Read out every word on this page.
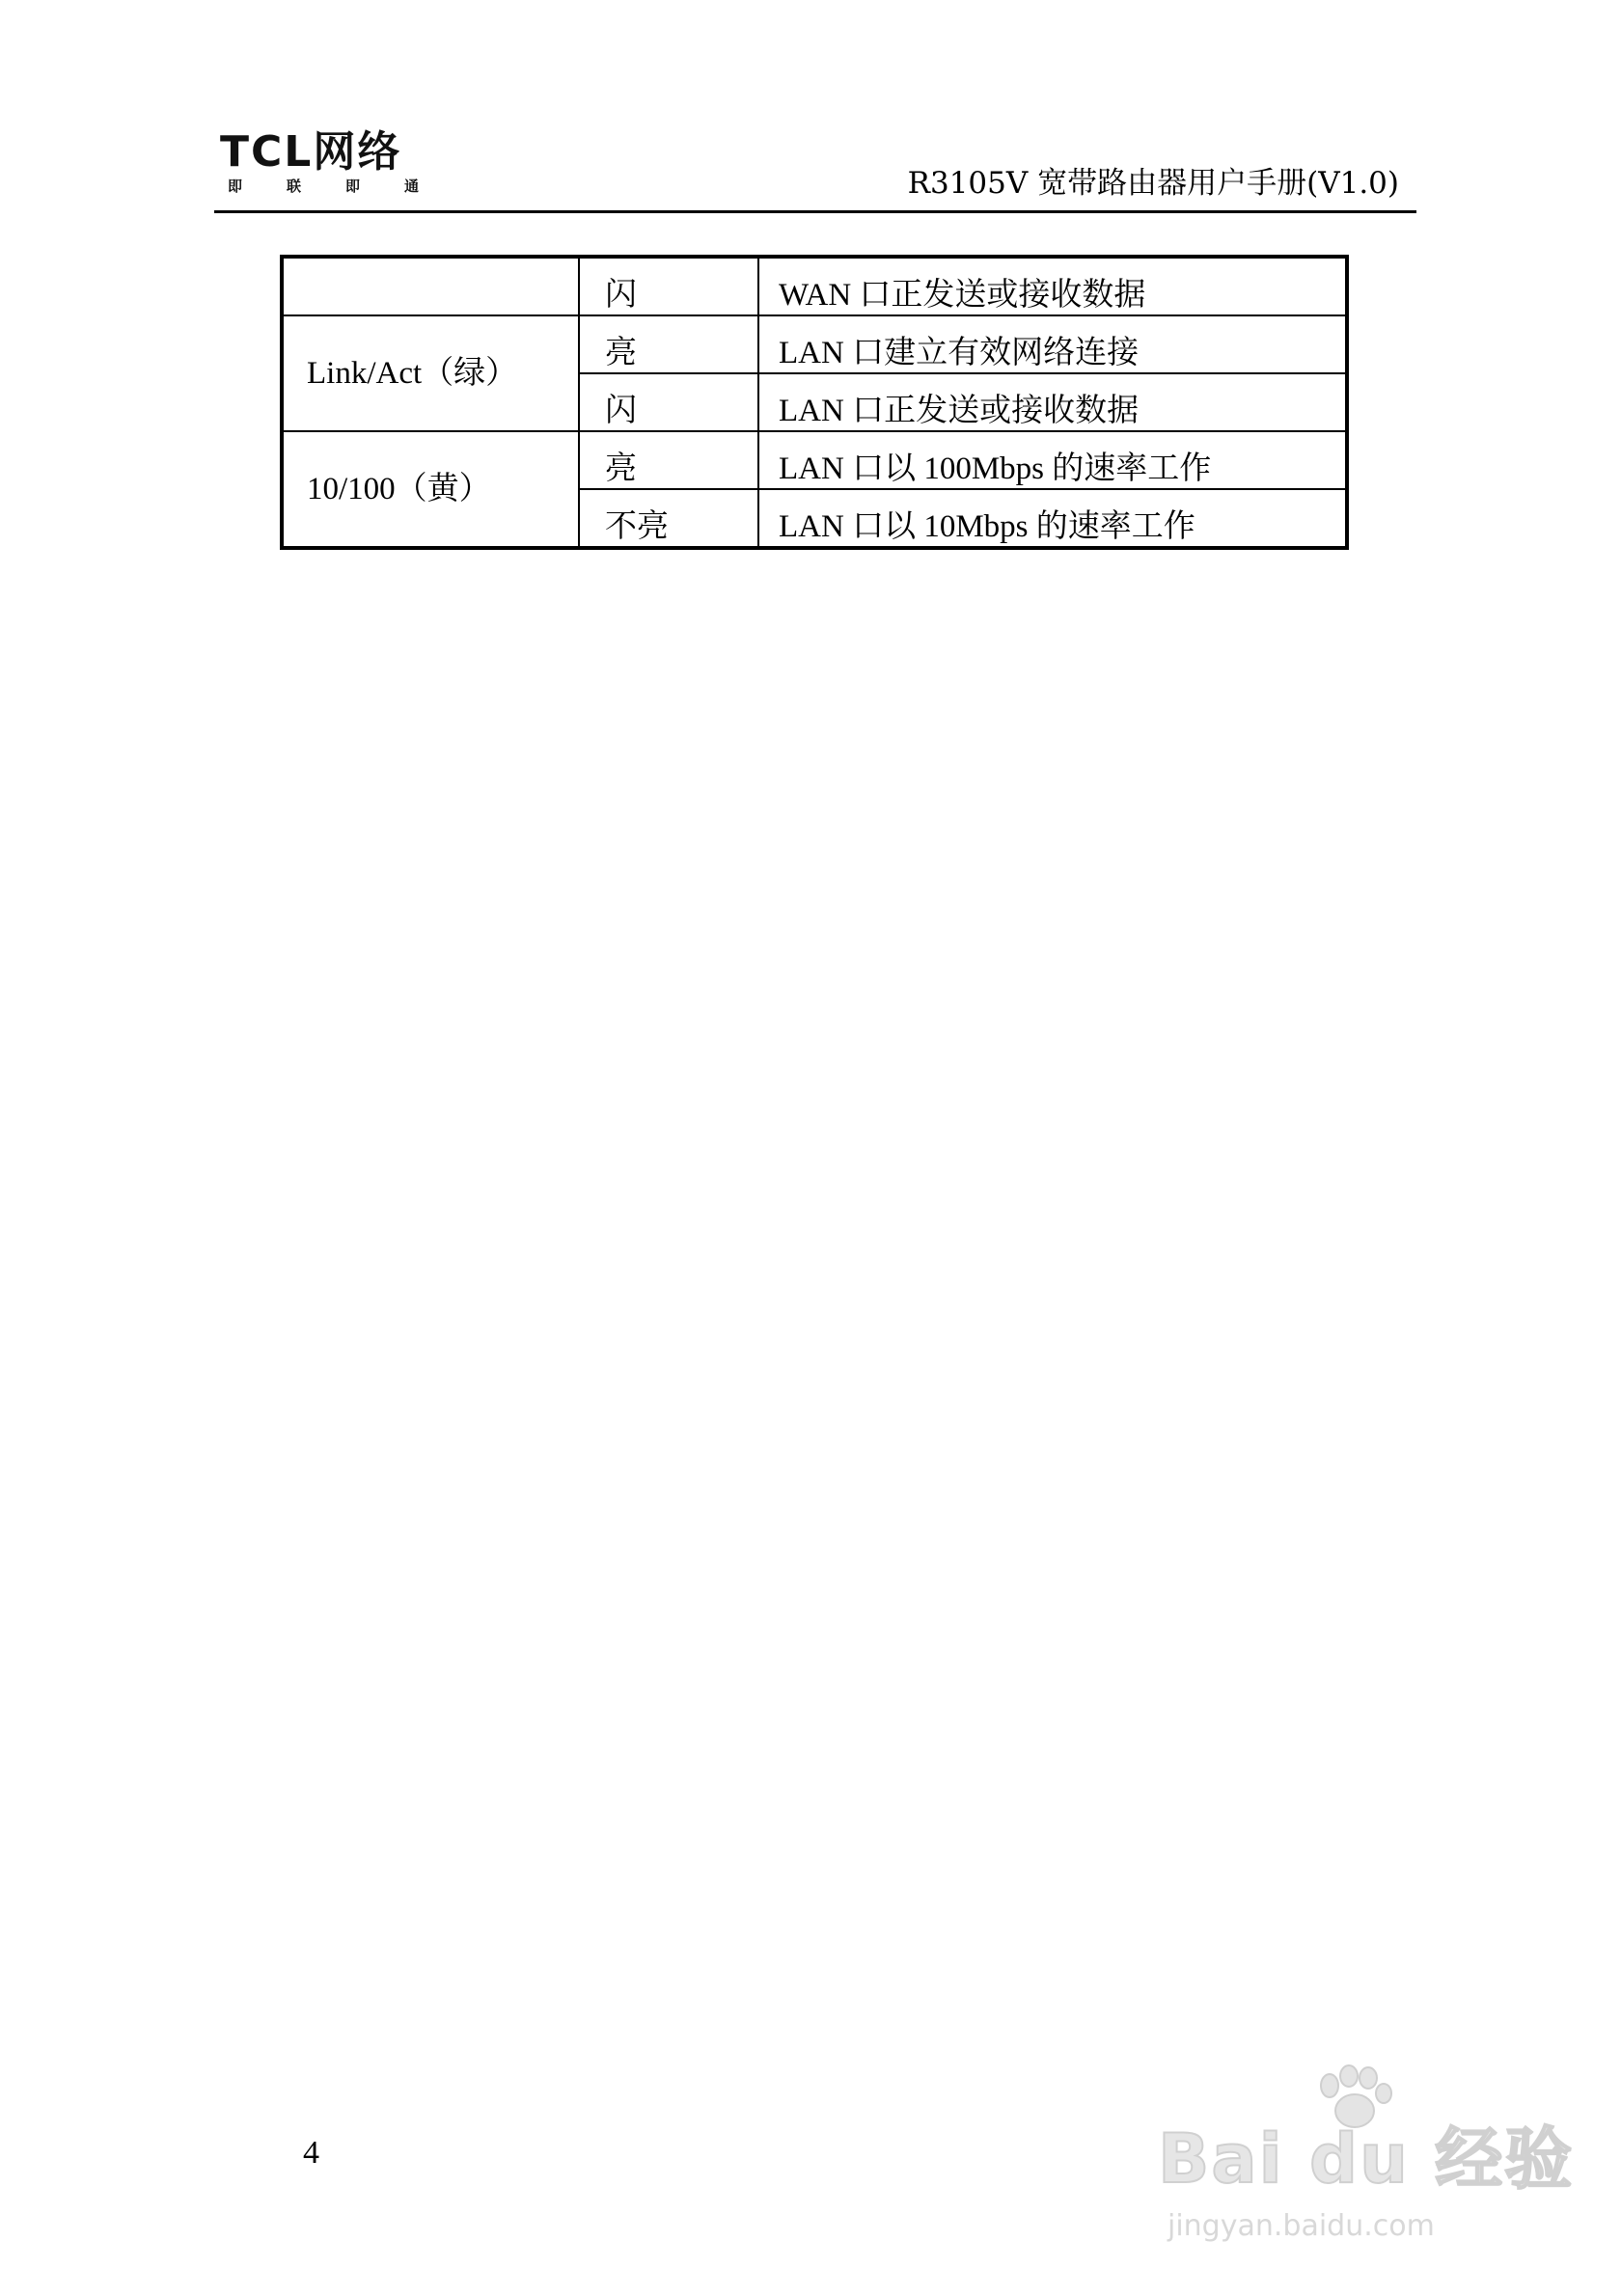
TCL网络
即联即通	R3105V 宽带路由器用户手册(V1.0)
	闪	WAN 口正发送或接收数据
Link/Act（绿）	亮	LAN 口建立有效网络连接
	闪	LAN 口正发送或接收数据
10/100（黄）	亮	LAN 口以 100Mbps 的速率工作
	不亮	LAN 口以 10Mbps 的速率工作
4	Bai du 经验
jingyan.baidu.com
